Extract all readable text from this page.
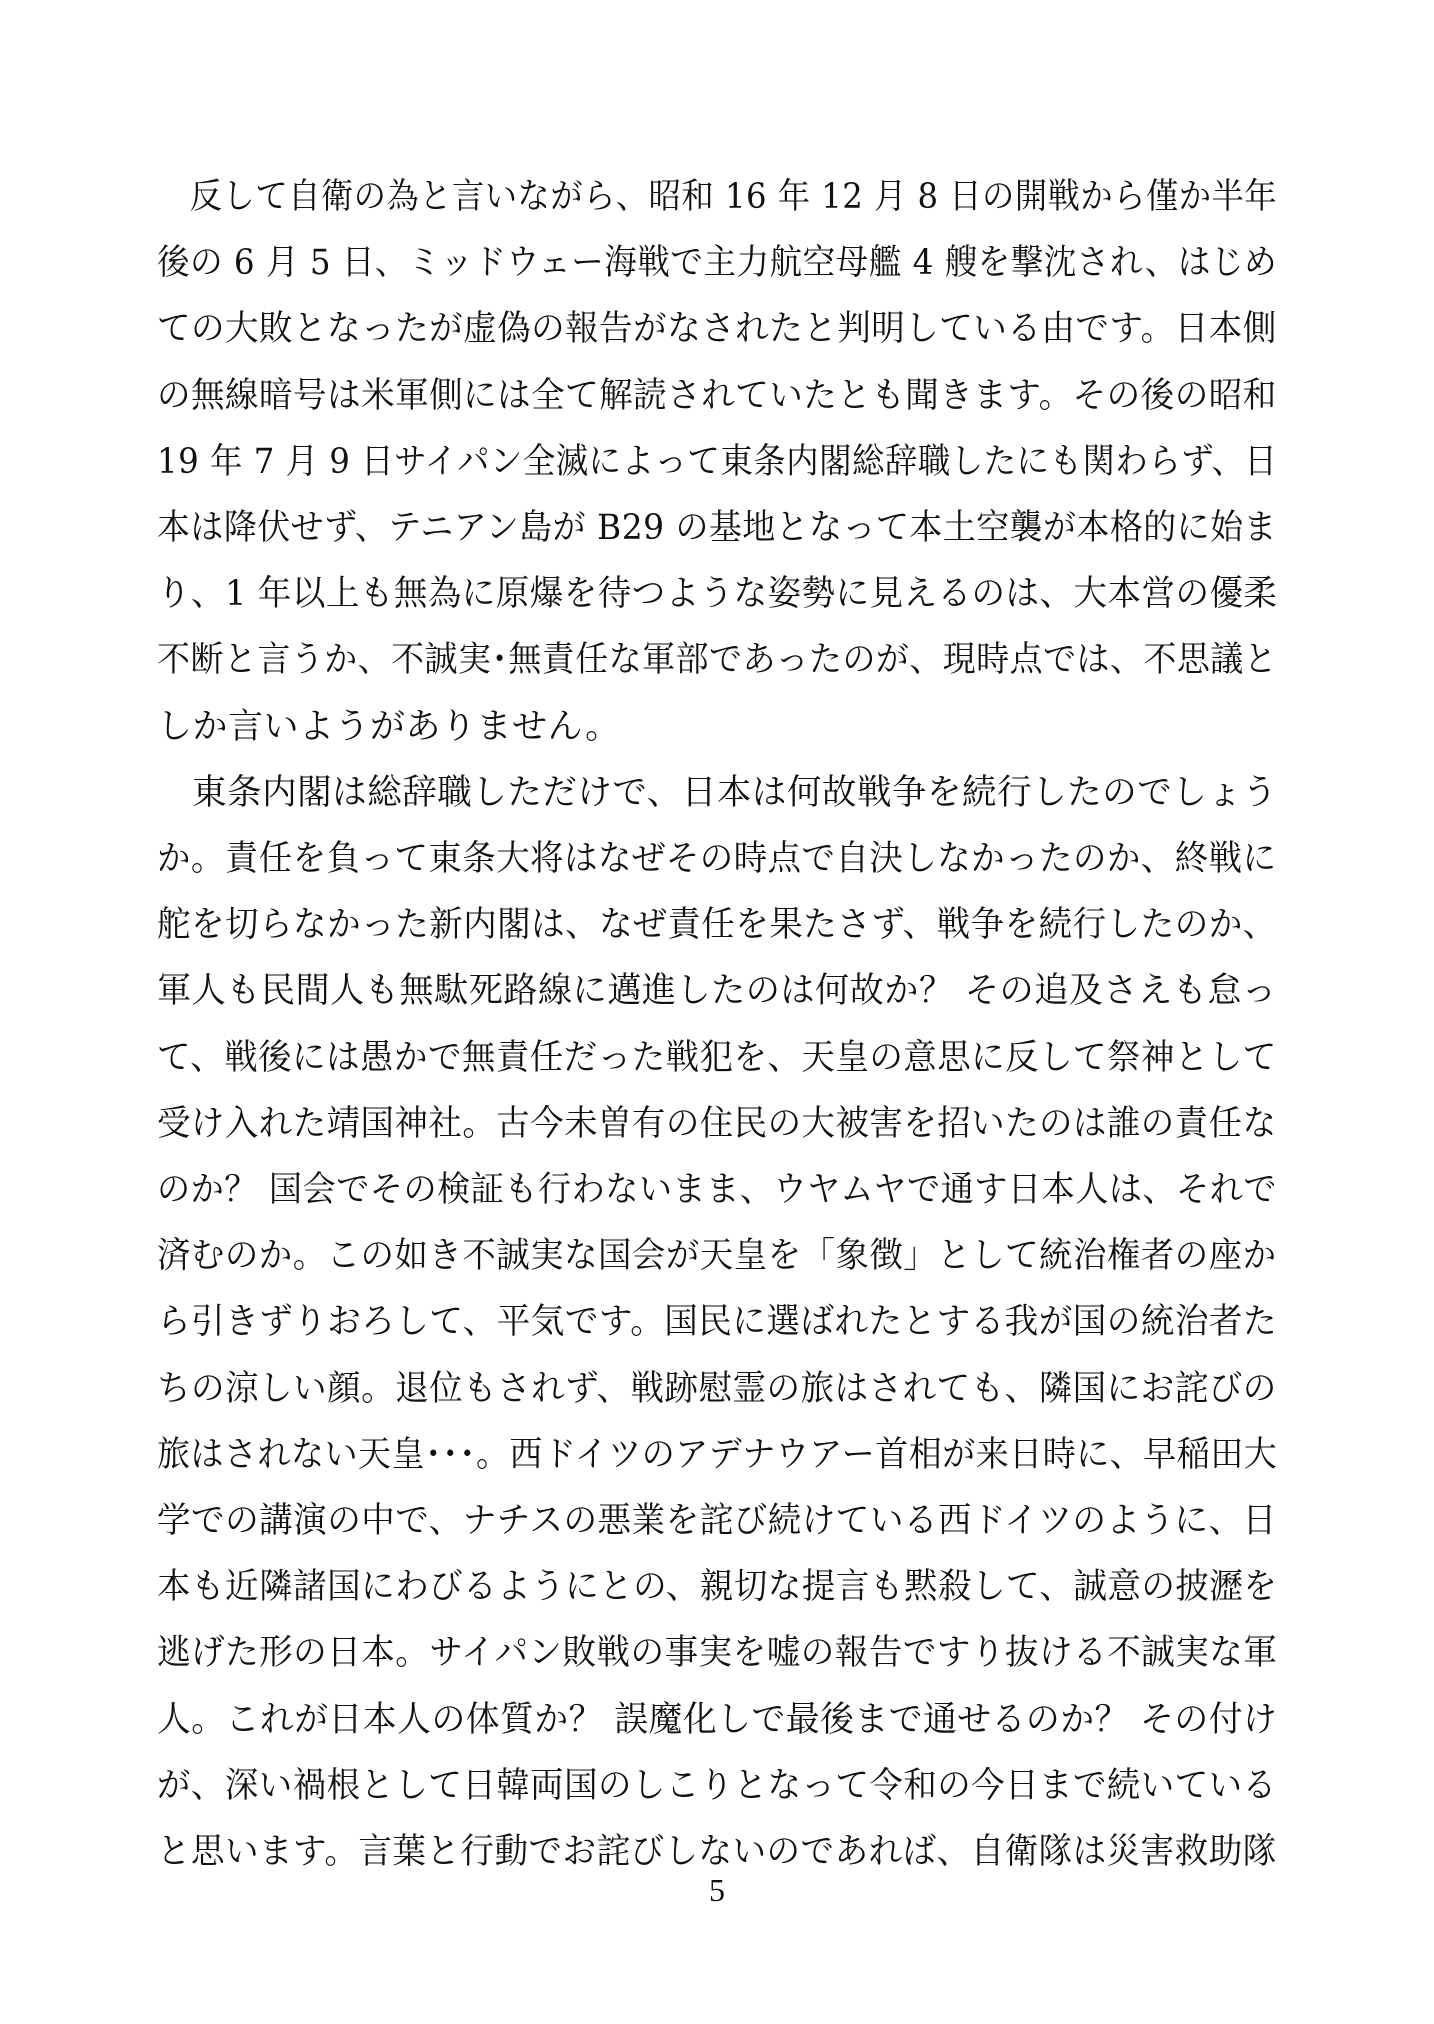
　反して自衛の為と言いながら、昭和 16 年 12 月 8 日の開戦から僅か半年
後の 6 月 5 日、ミッドウェー海戦で主力航空母艦 4 艘を撃沈され、はじめ
ての大敗となったが虚偽の報告がなされたと判明している由です。日本側
の無線暗号は米軍側には全て解読されていたとも聞きます。その後の昭和
19 年 7 月 9 日サイパン全滅によって東条内閣総辞職したにも関わらず、日
本は降伏せず、テニアン島が B29 の基地となって本土空襲が本格的に始ま
り、1 年以上も無為に原爆を待つような姿勢に見えるのは、大本営の優柔
不断と言うか、不誠実･無責任な軍部であったのが、現時点では、不思議と
しか言いようがありません。
　東条内閣は総辞職しただけで、日本は何故戦争を続行したのでしょう
か。責任を負って東条大将はなぜその時点で自決しなかったのか、終戦に
舵を切らなかった新内閣は、なぜ責任を果たさず、戦争を続行したのか、
軍人も民間人も無駄死路線に邁進したのは何故か？ その追及さえも怠っ
て、戦後には愚かで無責任だった戦犯を、天皇の意思に反して祭神として
受け入れた靖国神社。古今未曽有の住民の大被害を招いたのは誰の責任な
のか？ 国会でその検証も行わないまま、ウヤムヤで通す日本人は、それで
済むのか。この如き不誠実な国会が天皇を「象徴」として統治権者の座か
ら引きずりおろして、平気です。国民に選ばれたとする我が国の統治者た
ちの涼しい顔。退位もされず、戦跡慰霊の旅はされても、隣国にお詫びの
旅はされない天皇･･･。西ドイツのアデナウアー首相が来日時に、早稲田大
学での講演の中で、ナチスの悪業を詫び続けている西ドイツのように、日
本も近隣諸国にわびるようにとの、親切な提言も黙殺して、誠意の披瀝を
逃げた形の日本。サイパン敗戦の事実を嘘の報告ですり抜ける不誠実な軍
人。これが日本人の体質か？ 誤魔化しで最後まで通せるのか？ その付け
が、深い禍根として日韓両国のしこりとなって令和の今日まで続いている
と思います。言葉と行動でお詫びしないのであれば、自衛隊は災害救助隊
5
